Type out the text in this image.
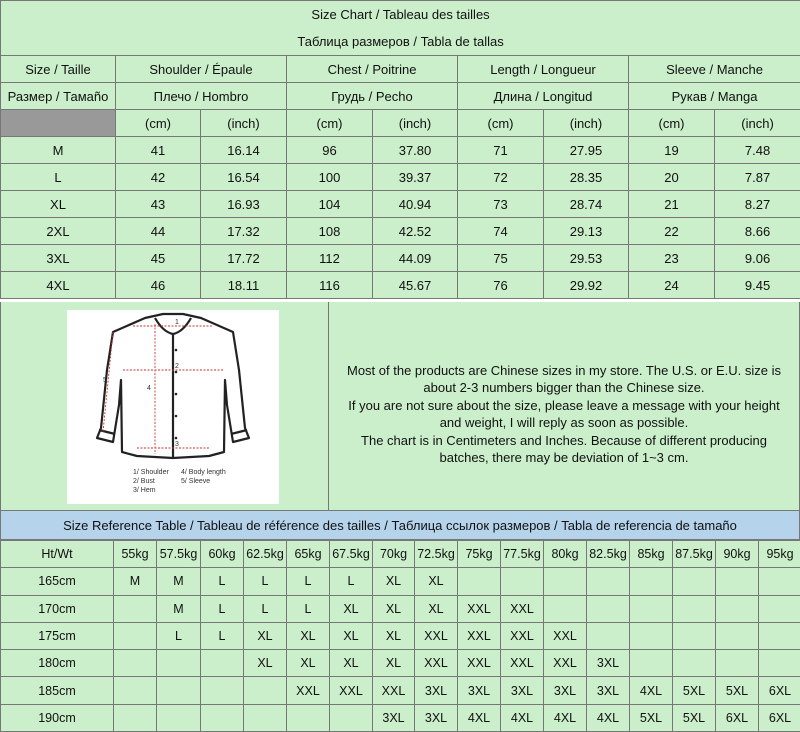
Size Chart / Tableau des tailles								
Таблица размеров / Tabla de tallas								
Size / Taille	Shoulder / Épaule		Chest / Poitrine		Length / Longueur		Sleeve / Manche	
Размер / Тамаño	Плечо / Hombro		Грудь / Pecho		Длина / Longitud		Рукав / Manga	
	(cm)	(inch)	(cm)	(inch)	(cm)	(inch)	(cm)	(inch)
M	41	16.14	96	37.80	71	27.95	19	7.48
L	42	16.54	100	39.37	72	28.35	20	7.87
XL	43	16.93	104	40.94	73	28.74	21	8.27
2XL	44	17.32	108	42.52	74	29.13	22	8.66
3XL	45	17.72	112	44.09	75	29.53	23	9.06
4XL	46	18.11	116	45.67	76	29.92	24	9.45
1
2
3
4
5
1/ Shoulder 4/ Body length
2/ Bust	5/ Sleeve
3/ Hem
Most of the products are Chinese sizes in my store. The U.S. or E.U. size is
about 2-3 numbers bigger than the Chinese size.
If you are not sure about the size, please leave a message with your height
and weight, I will reply as soon as possible.
The chart is in Centimeters and Inches. Because of different producing
batches, there may be deviation of 1~3 cm.
Size Reference Table / Tableau de référence des tailles / Таблица ссылок размеров / Tabla de referencia de tamaño
Ht/Wt	55kg	57.5kg	60kg	62.5kg	65kg	67.5kg	70kg	72.5kg	75kg	77.5kg	80kg	82.5kg	85kg	87.5kg	90kg	95kg
165cm	M	M	L	L	L	L	XL	XL								
170cm		M	L	L	L	XL	XL	XL	XXL	XXL						
175cm		L	L	XL	XL	XL	XL	XXL	XXL	XXL	XXL					
180cm				XL	XL	XL	XL	XXL	XXL	XXL	XXL	3XL				
185cm					XXL	XXL	XXL	3XL	3XL	3XL	3XL	3XL	4XL	5XL	5XL	6XL
190cm							3XL	3XL	4XL	4XL	4XL	4XL	5XL	5XL	6XL	6XL
